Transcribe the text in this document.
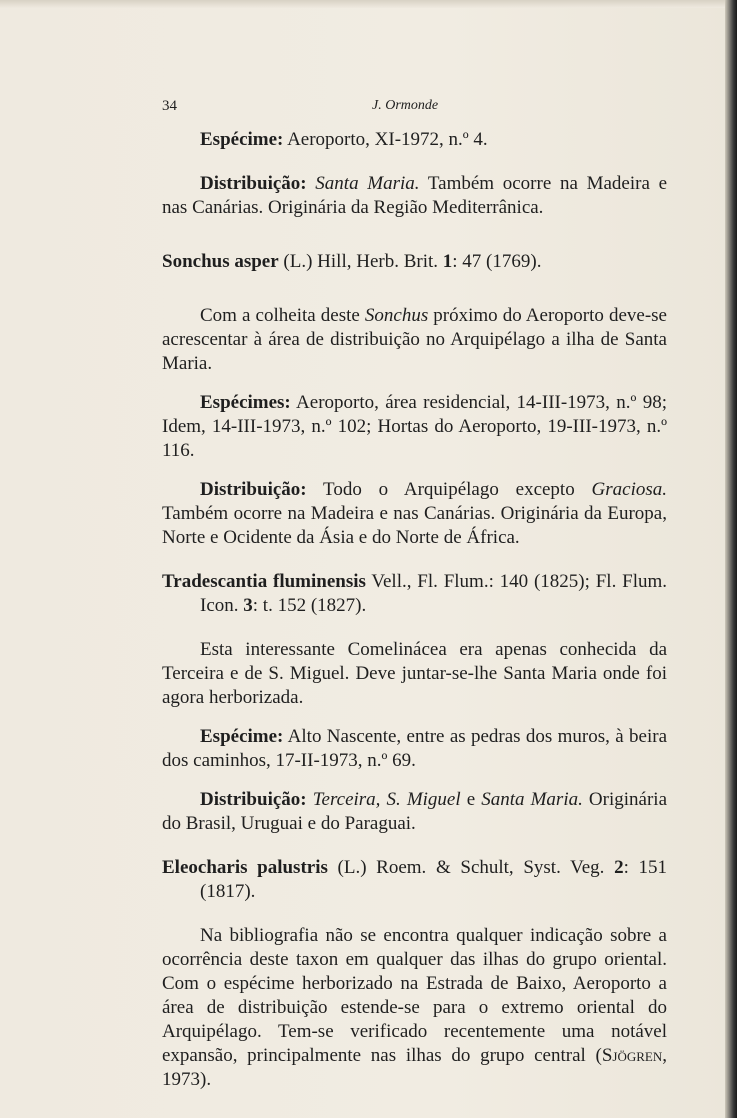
34	J. Ormonde

Espécime: Aeroporto, XI-1972, n.º 4.

Distribuição: Santa Maria. Também ocorre na Madeira e nas Canárias. Originária da Região Mediterrânica.

Sonchus asper (L.) Hill, Herb. Brit. 1: 47 (1769).

Com a colheita deste Sonchus próximo do Aeroporto deve-se acrescentar à área de distribuição no Arquipélago a ilha de Santa Maria.

Espécimes: Aeroporto, área residencial, 14-III-1973, n.º 98; Idem, 14-III-1973, n.º 102; Hortas do Aeroporto, 19-III-1973, n.º 116.

Distribuição: Todo o Arquipélago excepto Graciosa. Também ocorre na Madeira e nas Canárias. Originária da Europa, Norte e Ocidente da Ásia e do Norte de África.

Tradescantia fluminensis Vell., Fl. Flum.: 140 (1825); Fl. Flum. Icon. 3: t. 152 (1827).

Esta interessante Comelinácea era apenas conhecida da Terceira e de S. Miguel. Deve juntar-se-lhe Santa Maria onde foi agora herborizada.

Espécime: Alto Nascente, entre as pedras dos muros, à beira dos caminhos, 17-II-1973, n.º 69.

Distribuição: Terceira, S. Miguel e Santa Maria. Originária do Brasil, Uruguai e do Paraguai.

Eleocharis palustris (L.) Roem. & Schult, Syst. Veg. 2: 151 (1817).

Na bibliografia não se encontra qualquer indicação sobre a ocorrência deste taxon em qualquer das ilhas do grupo oriental. Com o espécime herborizado na Estrada de Baixo, Aeroporto a área de distribuição estende-se para o extremo oriental do Arquipélago. Tem-se verificado recentemente uma notável expansão, principalmente nas ilhas do grupo central (Sjögren, 1973).
